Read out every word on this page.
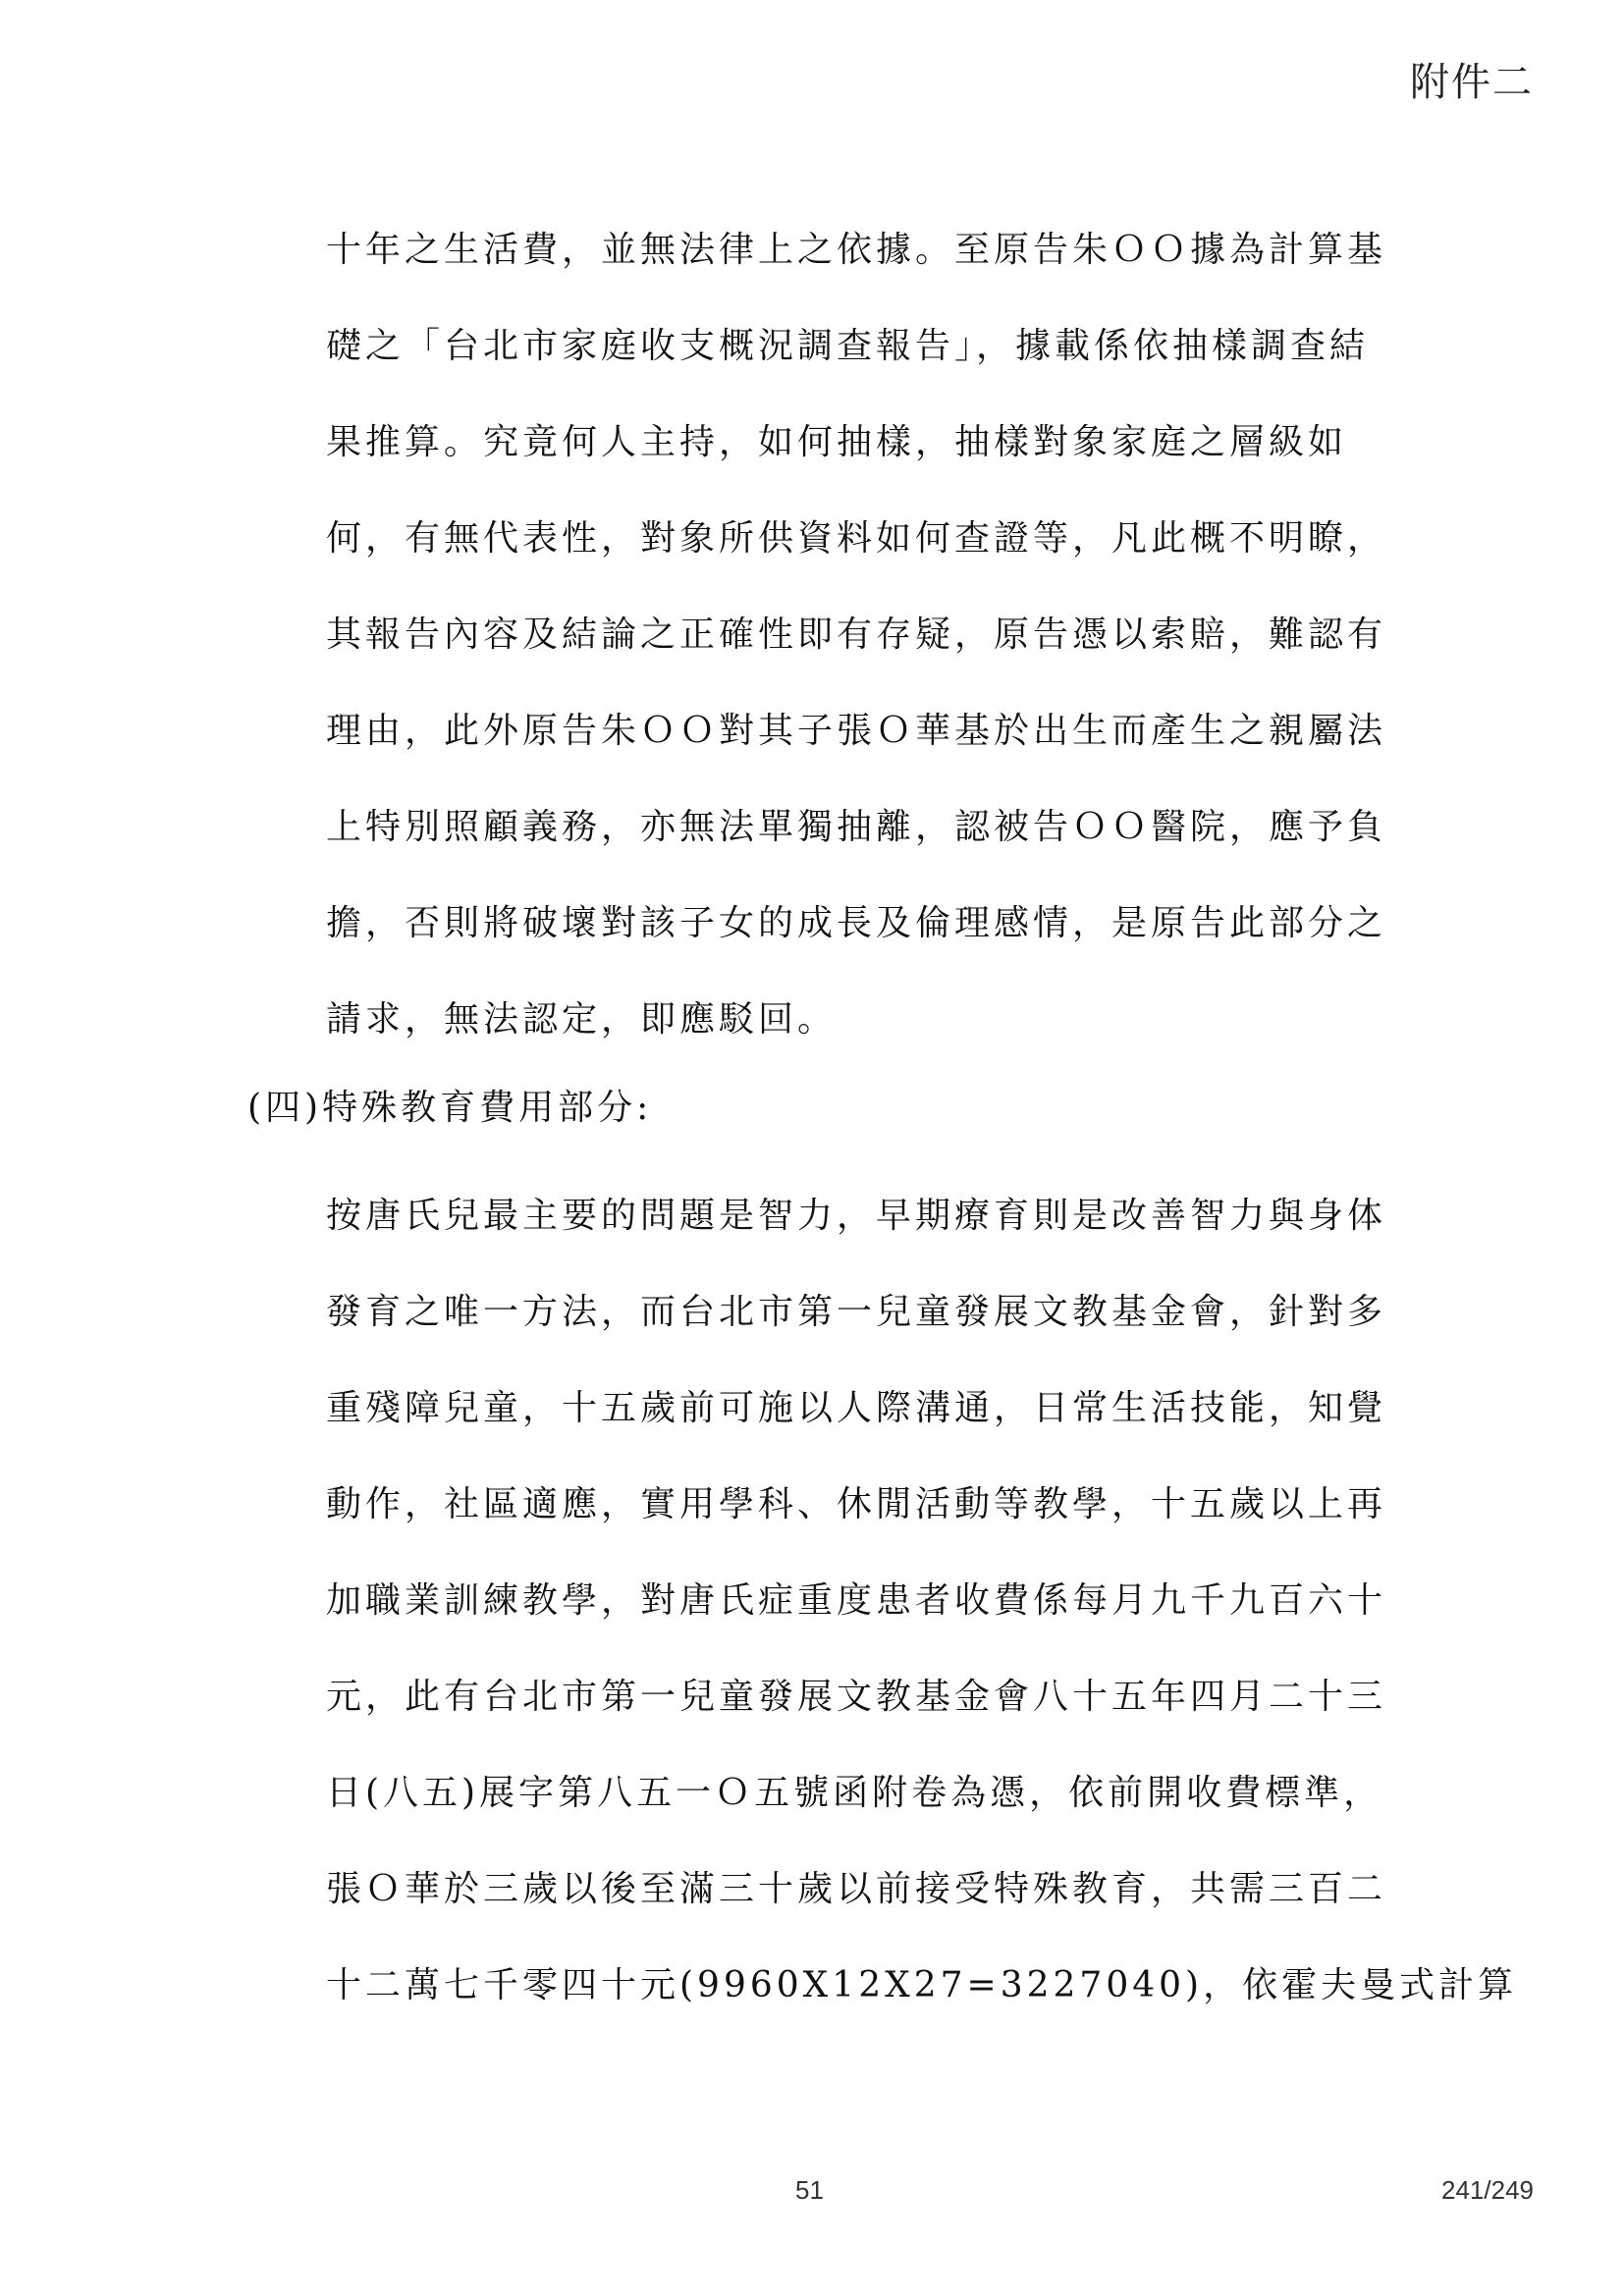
附件二
十年之生活費，並無法律上之依據。至原告朱ＯＯ據為計算基
礎之「台北市家庭收支概況調查報告」，據載係依抽樣調查結
果推算。究竟何人主持，如何抽樣，抽樣對象家庭之層級如
何，有無代表性，對象所供資料如何查證等，凡此概不明瞭，
其報告內容及結論之正確性即有存疑，原告憑以索賠，難認有
理由，此外原告朱ＯＯ對其子張Ｏ華基於出生而產生之親屬法
上特別照顧義務，亦無法單獨抽離，認被告ＯＯ醫院，應予負
擔，否則將破壞對該子女的成長及倫理感情，是原告此部分之
請求，無法認定，即應駁回。
(四)特殊教育費用部分:
按唐氏兒最主要的問題是智力，早期療育則是改善智力與身体
發育之唯一方法，而台北市第一兒童發展文教基金會，針對多
重殘障兒童，十五歲前可施以人際溝通，日常生活技能，知覺
動作，社區適應，實用學科、休閒活動等教學，十五歲以上再
加職業訓練教學，對唐氏症重度患者收費係每月九千九百六十
元，此有台北市第一兒童發展文教基金會八十五年四月二十三
日(八五)展字第八五一Ｏ五號函附卷為憑，依前開收費標準，
張Ｏ華於三歲以後至滿三十歲以前接受特殊教育，共需三百二
十二萬七千零四十元(9960X12X27=3227040)，依霍夫曼式計算
51	241/249
